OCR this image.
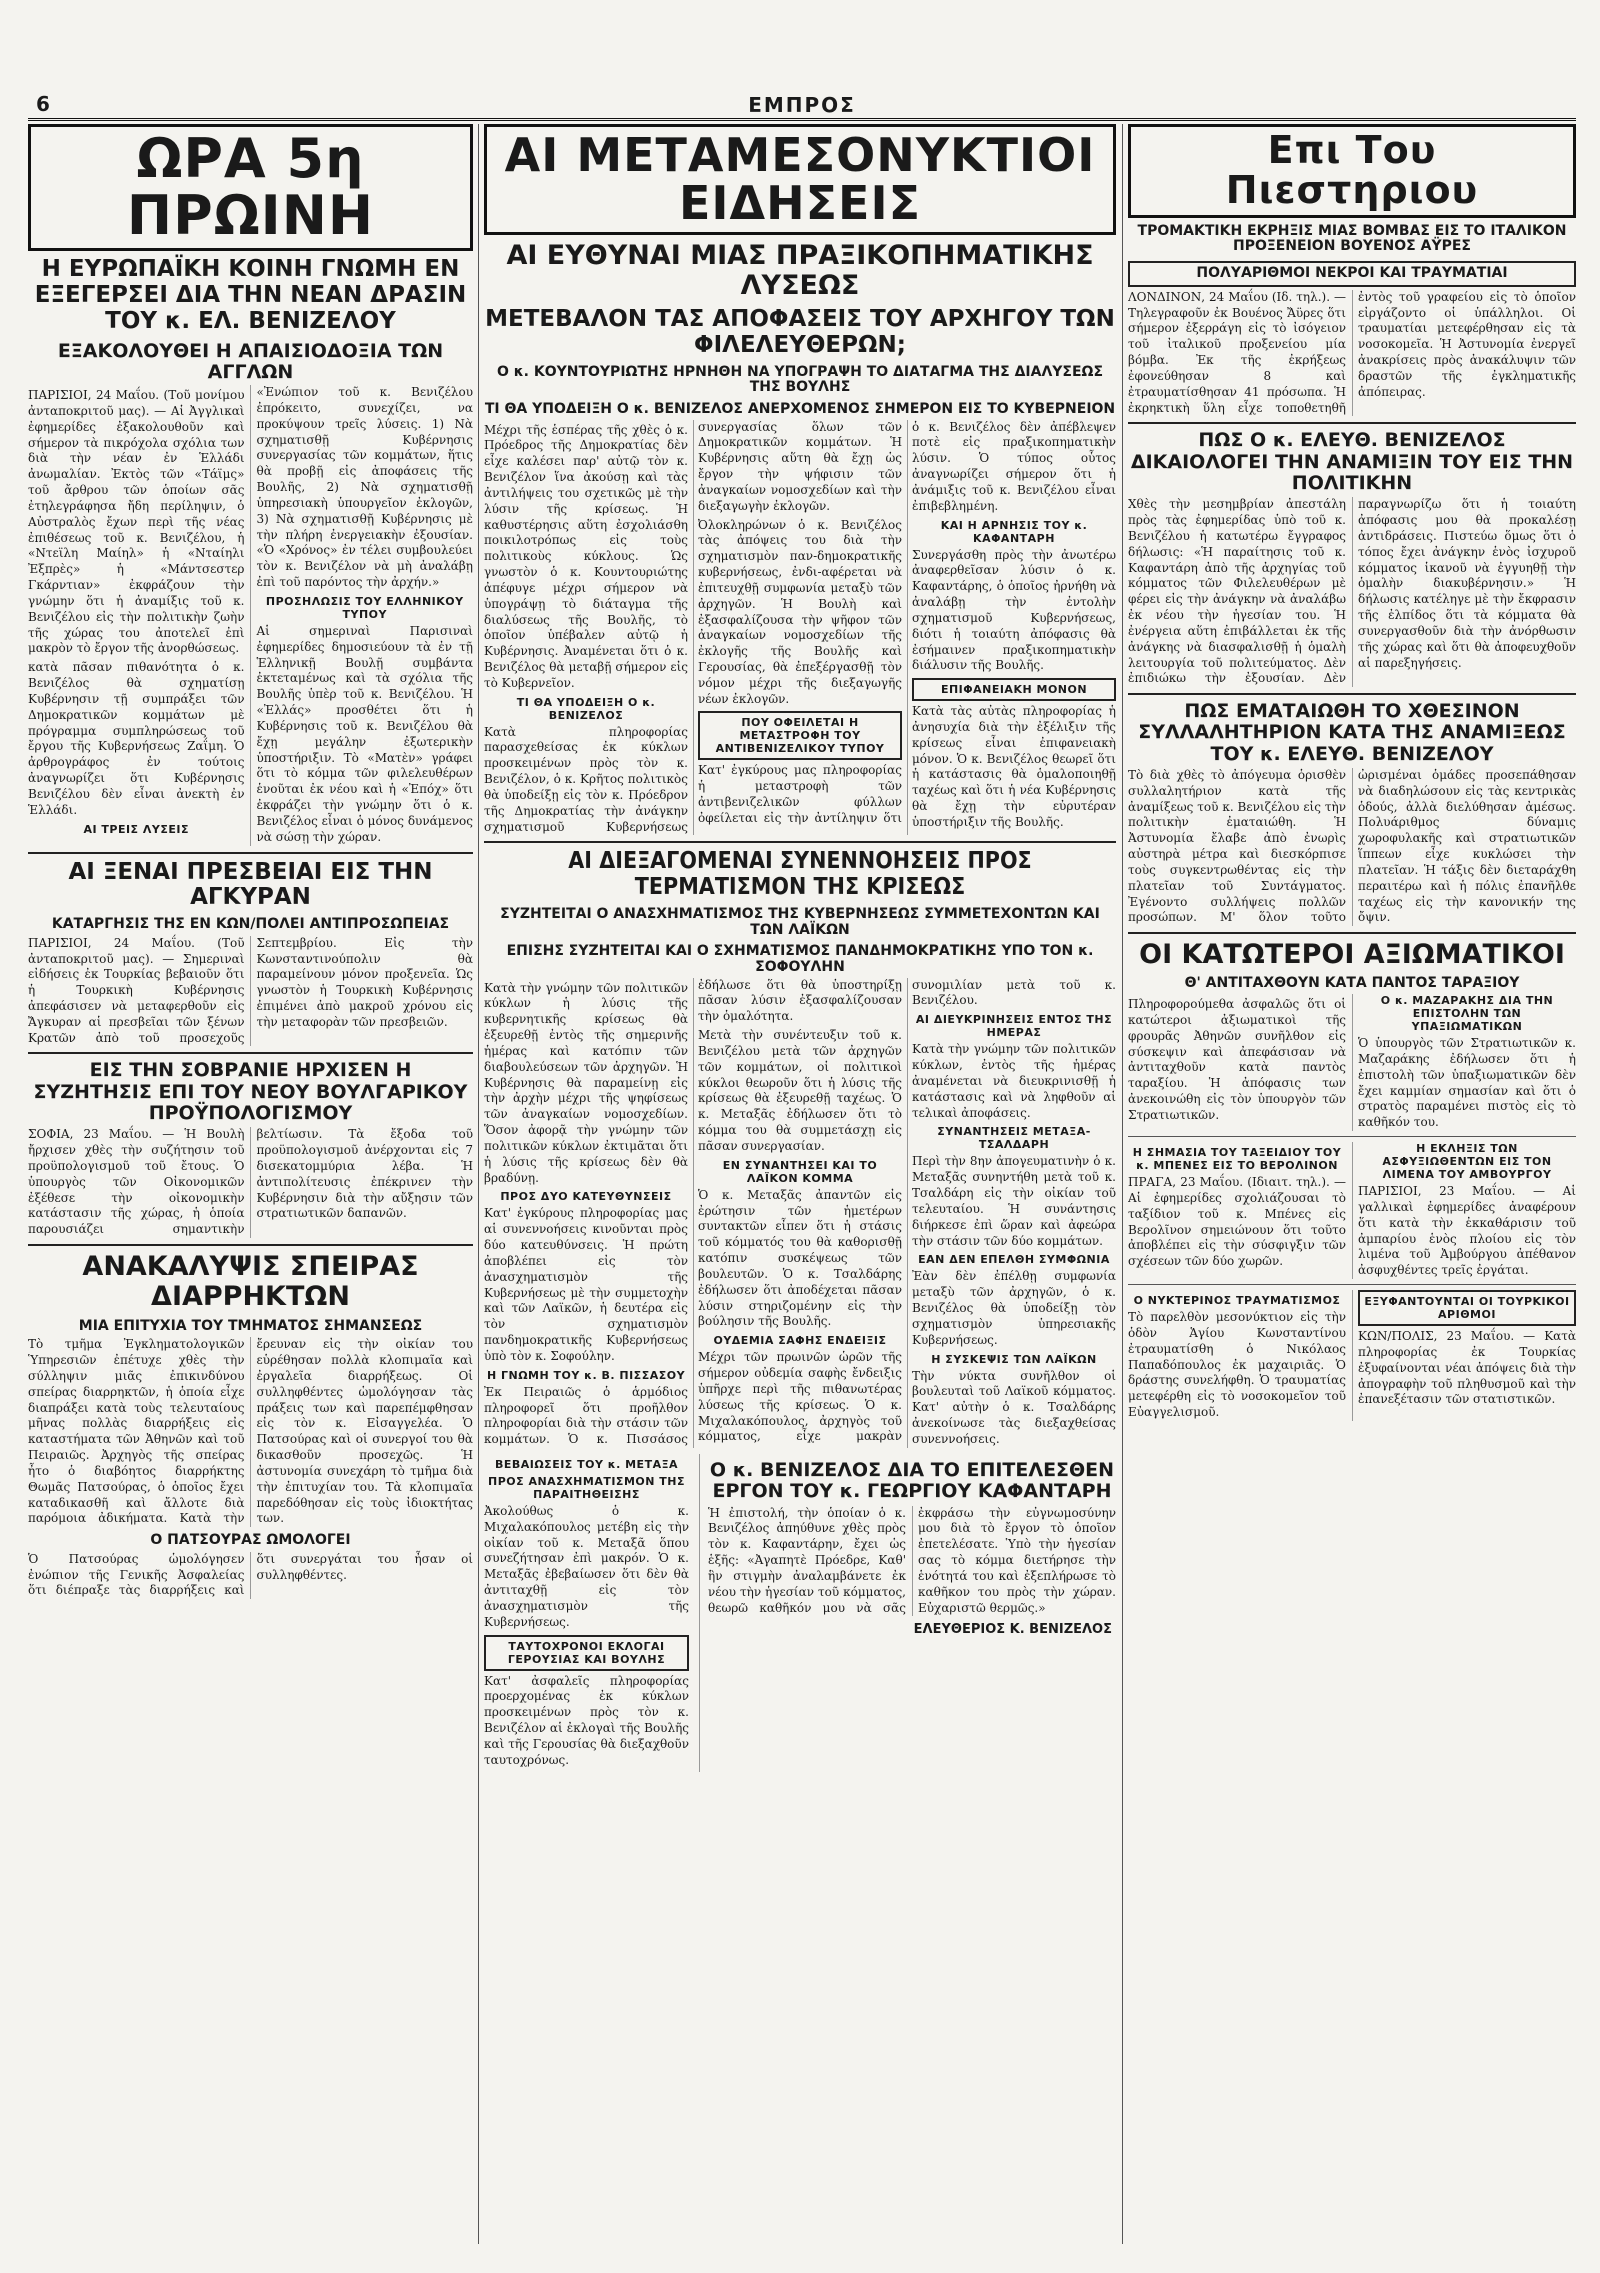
6	ΕΜΠΡΟΣ
ΩΡΑ 5η ΠΡΩΙΝΗ
Η ΕΥΡΩΠΑΪΚΗ ΚΟΙΝΗ ΓΝΩΜΗ ΕΝ ΕΞΕΓΕΡΣΕΙ ΔΙΑ ΤΗΝ ΝΕΑΝ ΔΡΑΣΙΝ ΤΟΥ κ. ΕΛ. ΒΕΝΙΖΕΛΟΥ
ΕΞΑΚΟΛΟΥΘΕΙ Η ΑΠΑΙΣΙΟΔΟΞΙΑ ΤΩΝ ΑΓΓΛΩΝ

ΠΑΡΙΣΙΟΙ, 24 Μαΐου. (Τοῦ μονίμου ἀνταποκριτοῦ μας). — Αἱ Ἀγγλικαὶ ἐφημερίδες ἐξακολουθοῦν καὶ σήμερον τὰ πικρόχολα σχόλια των διὰ τὴν νέαν ἐν Ἑλλάδι ἀνωμαλίαν. Ἐκτὸς τῶν «Τάϊμς» τοῦ ἄρθρου τῶν ὁποίων σᾶς ἐτηλεγράφησα ἤδη περίληψιν, ὁ Αὐστραλὸς ἔχων περὶ τῆς νέας ἐπιθέσεως τοῦ κ. Βενιζέλου, ἡ «Ντεϊλη Μαίηλ» ἡ «Νταίηλι Ἐξπρὲς» ἡ «Μάντσεστερ Γκάρντιαν» ἐκφράζουν τὴν γνώμην ὅτι ἡ ἀναμίξις τοῦ κ. Βενιζέλου εἰς τὴν πολιτικὴν ζωὴν τῆς χώρας του ἀποτελεῖ ἐπὶ μακρὸν τὸ ἔργον τῆς ἀνορθώσεως.

κατὰ πᾶσαν πιθανότητα ὁ κ. Βενιζέλος θὰ σχηματίσῃ Κυβέρνησιν τῇ συμπράξει τῶν Δημοκρατικῶν κομμάτων μὲ πρόγραμμα συμπληρώσεως τοῦ ἔργου τῆς Κυβερνήσεως Ζαΐμη. Ὁ ἀρθρογράφος ἐν τούτοις ἀναγνωρίζει ὅτι Κυβέρνησις Βενιζέλου δὲν εἶναι ἀνεκτὴ ἐν Ἑλλάδι.

ΑΙ ΤΡΕΙΣ ΛΥΣΕΙΣ

«Ἐνώπιον τοῦ κ. Βενιζέλου ἐπρόκειτο, συνεχίζει, να προκύψουν τρεῖς λύσεις. 1) Νὰ σχηματισθῇ Κυβέρνησις συνεργασίας τῶν κομμάτων, ἥτις θὰ προβῇ εἰς ἀποφάσεις τῆς Βουλῆς, 2) Νὰ σχηματισθῇ ὑπηρεσιακὴ ὑπουργεῖον ἐκλογῶν, 3) Νὰ σχηματισθῇ Κυβέρνησις μὲ τὴν πλήρη ἐνεργειακὴν ἐξουσίαν. «Ὁ «Χρόνος» ἐν τέλει συμβουλεύει τὸν κ. Βενιζέλον νὰ μὴ ἀναλάβῃ ἐπὶ τοῦ παρόντος τὴν ἀρχήν.»

ΠΡΟΣΗΛΩΣΙΣ ΤΟΥ ΕΛΛΗΝΙΚΟΥ ΤΥΠΟΥ

Αἱ σημεριναὶ Παρισιναὶ ἐφημερίδες δημοσιεύουν τὰ ἐν τῇ Ἑλληνικῇ Βουλῇ συμβάντα ἐκτεταμένως καὶ τὰ σχόλια τῆς Βουλῆς ὑπὲρ τοῦ κ. Βενιζέλου. Ἡ «Ἐλλάς» προσθέτει ὅτι ἡ Κυβέρνησις τοῦ κ. Βενιζέλου θὰ ἔχῃ μεγάλην ἐξωτερικὴν ὑποστήριξιν. Τὸ «Ματὲν» γράφει ὅτι τὸ κόμμα τῶν φιλελευθέρων ἑνοῦται ἐκ νέου καὶ ἡ «Ἐπόχ» ὅτι ἐκφράζει τὴν γνώμην ὅτι ὁ κ. Βενιζέλος εἶναι ὁ μόνος δυνάμενος νὰ σώσῃ τὴν χώραν.

ΑΙ ΞΕΝΑΙ ΠΡΕΣΒΕΙΑΙ ΕΙΣ ΤΗΝ ΑΓΚΥΡΑΝ
ΚΑΤΑΡΓΗΣΙΣ ΤΗΣ ΕΝ ΚΩΝ/ΠΟΛΕΙ ΑΝΤΙΠΡΟΣΩΠΕΙΑΣ

ΠΑΡΙΣΙΟΙ, 24 Μαΐου. (Τοῦ ἀνταποκριτοῦ μας). — Σημεριναὶ εἰδήσεις ἐκ Τουρκίας βεβαιοῦν ὅτι ἡ Τουρκικὴ Κυβέρνησις ἀπεφάσισεν νὰ μεταφερθοῦν εἰς Ἄγκυραν αἱ πρεσβεῖαι τῶν ξένων Κρατῶν ἀπὸ τοῦ προσεχοῦς Σεπτεμβρίου. Εἰς τὴν Κωνσταντινούπολιν θὰ παραμείνουν μόνον προξενεῖα. Ὡς γνωστὸν ἡ Τουρκικὴ Κυβέρνησις ἐπιμένει ἀπὸ μακροῦ χρόνου εἰς τὴν μεταφορὰν τῶν πρεσβειῶν.

ΕΙΣ ΤΗΝ ΣΟΒΡΑΝΙΕ ΗΡΧΙΣΕΝ Η ΣΥΖΗΤΗΣΙΣ ΕΠΙ ΤΟΥ ΝΕΟΥ ΒΟΥΛΓΑΡΙΚΟΥ ΠΡΟΫΠΟΛΟΓΙΣΜΟΥ

ΣΟΦΙΑ, 23 Μαΐου. — Ἡ Βουλὴ ἤρχισεν χθὲς τὴν συζήτησιν τοῦ προϋπολογισμοῦ τοῦ ἔτους. Ὁ ὑπουργὸς τῶν Οἰκονομικῶν ἐξέθεσε τὴν οἰκονομικὴν κατάστασιν τῆς χώρας, ἡ ὁποία παρουσιάζει σημαντικὴν βελτίωσιν. Τὰ ἔξοδα τοῦ προϋπολογισμοῦ ἀνέρχονται εἰς 7 δισεκατομμύρια λέβα. Ἡ ἀντιπολίτευσις ἐπέκρινεν τὴν Κυβέρνησιν διὰ τὴν αὔξησιν τῶν στρατιωτικῶν δαπανῶν.

ΑΝΑΚΑΛΥΨΙΣ ΣΠΕΙΡΑΣ ΔΙΑΡΡΗΚΤΩΝ
ΜΙΑ ΕΠΙΤΥΧΙΑ ΤΟΥ ΤΜΗΜΑΤΟΣ ΣΗΜΑΝΣΕΩΣ

Τὸ τμῆμα Ἐγκληματολογικῶν Ὑπηρεσιῶν ἐπέτυχε χθὲς τὴν σύλληψιν μιᾶς ἐπικινδύνου σπείρας διαρρηκτῶν, ἡ ὁποία εἶχε διαπράξει κατὰ τοὺς τελευταίους μῆνας πολλὰς διαρρήξεις εἰς καταστήματα τῶν Ἀθηνῶν καὶ τοῦ Πειραιῶς. Ἀρχηγὸς τῆς σπείρας ἦτο ὁ διαβόητος διαρρήκτης Θωμᾶς Πατσούρας, ὁ ὁποῖος ἔχει καταδικασθῆ καὶ ἄλλοτε διὰ παρόμοια ἀδικήματα. Κατὰ τὴν ἔρευναν εἰς τὴν οἰκίαν του εὑρέθησαν πολλὰ κλοπιμαῖα καὶ ἐργαλεῖα διαρρήξεως. Οἱ συλληφθέντες ὡμολόγησαν τὰς πράξεις των καὶ παρεπέμφθησαν εἰς τὸν κ. Εἰσαγγελέα. Ὁ Πατσούρας καὶ οἱ συνεργοί του θὰ δικασθοῦν προσεχῶς. Ἡ ἀστυνομία συνεχάρη τὸ τμῆμα διὰ τὴν ἐπιτυχίαν του. Τὰ κλοπιμαῖα παρεδόθησαν εἰς τοὺς ἰδιοκτήτας των.

Ο ΠΑΤΣΟΥΡΑΣ ΩΜΟΛΟΓΕΙ

Ὁ Πατσούρας ὡμολόγησεν ἐνώπιον τῆς Γενικῆς Ἀσφαλείας ὅτι διέπραξε τὰς διαρρήξεις καὶ ὅτι συνεργάται του ἦσαν οἱ συλληφθέντες.

ΑΙ ΜΕΤΑΜΕΣΟΝΥΚΤΙΟΙ ΕΙΔΗΣΕΙΣ
ΑΙ ΕΥΘΥΝΑΙ ΜΙΑΣ ΠΡΑΞΙΚΟΠΗΜΑΤΙΚΗΣ ΛΥΣΕΩΣ
ΜΕΤΕΒΑΛΟΝ ΤΑΣ ΑΠΟΦΑΣΕΙΣ ΤΟΥ ΑΡΧΗΓΟΥ ΤΩΝ ΦΙΛΕΛΕΥΘΕΡΩΝ;
Ο κ. ΚΟΥΝΤΟΥΡΙΩΤΗΣ ΗΡΝΗΘΗ ΝΑ ΥΠΟΓΡΑΨΗ ΤΟ ΔΙΑΤΑΓΜΑ ΤΗΣ ΔΙΑΛΥΣΕΩΣ ΤΗΣ ΒΟΥΛΗΣ
ΤΙ ΘΑ ΥΠΟΔΕΙΞΗ Ο κ. ΒΕΝΙΖΕΛΟΣ ΑΝΕΡΧΟΜΕΝΟΣ ΣΗΜΕΡΟΝ ΕΙΣ ΤΟ ΚΥΒΕΡΝΕΙΟΝ

Μέχρι τῆς ἑσπέρας τῆς χθὲς ὁ κ. Πρόεδρος τῆς Δημοκρατίας δὲν εἶχε καλέσει παρ' αὐτῷ τὸν κ. Βενιζέλον ἵνα ἀκούσῃ καὶ τὰς ἀντιλήψεις του σχετικῶς μὲ τὴν λύσιν τῆς κρίσεως. Ἡ καθυστέρησις αὕτη ἐσχολιάσθη ποικιλοτρόπως εἰς τοὺς πολιτικοὺς κύκλους. Ὡς γνωστὸν ὁ κ. Κουντουριώτης ἀπέφυγε μέχρι σήμερον νὰ ὑπογράψῃ τὸ διάταγμα τῆς διαλύσεως τῆς Βουλῆς, τὸ ὁποῖον ὑπέβαλεν αὐτῷ ἡ Κυβέρνησις. Ἀναμένεται ὅτι ὁ κ. Βενιζέλος θὰ μεταβῇ σήμερον εἰς τὸ Κυβερνεῖον.

ΤΙ ΘΑ ΥΠΟΔΕΙΞΗ Ο κ. ΒΕΝΙΖΕΛΟΣ

Κατὰ πληροφορίας παρασχεθείσας ἐκ κύκλων προσκειμένων πρὸς τὸν κ. Βενιζέλον, ὁ κ. Κρῆτος πολιτικὸς θὰ ὑποδείξῃ εἰς τὸν κ. Πρόεδρον τῆς Δημοκρατίας τὴν ἀνάγκην σχηματισμοῦ Κυβερνήσεως συνεργασίας ὅλων τῶν Δημοκρατικῶν κομμάτων. Ἡ Κυβέρνησις αὕτη θὰ ἔχῃ ὡς ἔργον τὴν ψήφισιν τῶν ἀναγκαίων νομοσχεδίων καὶ τὴν διεξαγωγὴν ἐκλογῶν.

Ὀλοκληρώνων ὁ κ. Βενιζέλος τὰς ἀπόψεις του διὰ τὴν σχηματισμὸν παν-δημοκρατικῆς κυβερνήσεως, ἐνδι-αφέρεται νὰ ἐπιτευχθῇ συμφωνία μεταξὺ τῶν ἀρχηγῶν. Ἡ Βουλὴ καὶ ἐξασφαλίζουσα τὴν ψῆφον τῶν ἀναγκαίων νομοσχεδίων τῆς ἐκλογῆς τῆς Βουλῆς καὶ Γερουσίας, θὰ ἐπεξέργασθῇ τὸν νόμον μέχρι τῆς διεξαγωγῆς νέων ἐκλογῶν.

ΠΟΥ ΟΦΕΙΛΕΤΑΙ Η ΜΕΤΑΣΤΡΟΦΗ ΤΟΥ ΑΝΤΙΒΕΝΙΖΕΛΙΚΟΥ ΤΥΠΟΥ

Κατ' ἐγκύρους μας πληροφορίας ἡ μεταστροφὴ τῶν ἀντιβενιζελικῶν φύλλων ὀφείλεται εἰς τὴν ἀντίληψιν ὅτι ὁ κ. Βενιζέλος δὲν ἀπέβλεψεν ποτὲ εἰς πραξικοπηματικὴν λύσιν. Ὁ τύπος οὗτος ἀναγνωρίζει σήμερον ὅτι ἡ ἀνάμιξις τοῦ κ. Βενιζέλου εἶναι ἐπιβεβλημένη.

ΚΑΙ Η ΑΡΝΗΣΙΣ ΤΟΥ κ. ΚΑΦΑΝΤΑΡΗ

Συνεργάσθη πρὸς τὴν ἀνωτέρω ἀναφερθεῖσαν λύσιν ὁ κ. Καφαντάρης, ὁ ὁποῖος ἠρνήθη νὰ ἀναλάβῃ τὴν ἐντολὴν σχηματισμοῦ Κυβερνήσεως, διότι ἡ τοιαύτη ἀπόφασις θὰ ἐσήμαινεν πραξικοπηματικὴν διάλυσιν τῆς Βουλῆς.

ΕΠΙΦΑΝΕΙΑΚΗ ΜΟΝΟΝ

Κατὰ τὰς αὐτὰς πληροφορίας ἡ ἀνησυχία διὰ τὴν ἐξέλιξιν τῆς κρίσεως εἶναι ἐπιφανειακὴ μόνον. Ὁ κ. Βενιζέλος θεωρεῖ ὅτι ἡ κατάστασις θὰ ὁμαλοποιηθῇ ταχέως καὶ ὅτι ἡ νέα Κυβέρνησις θὰ ἔχῃ τὴν εὐρυτέραν ὑποστήριξιν τῆς Βουλῆς.

ΑΙ ΔΙΕΞΑΓΟΜΕΝΑΙ ΣΥΝΕΝΝΟΗΣΕΙΣ ΠΡΟΣ ΤΕΡΜΑΤΙΣΜΟΝ ΤΗΣ ΚΡΙΣΕΩΣ
ΣΥΖΗΤΕΙΤΑΙ Ο ΑΝΑΣΧΗΜΑΤΙΣΜΟΣ ΤΗΣ ΚΥΒΕΡΝΗΣΕΩΣ ΣΥΜΜΕΤΕΧΟΝΤΩΝ ΚΑΙ ΤΩΝ ΛΑΪΚΩΝ
ΕΠΙΣΗΣ ΣΥΖΗΤΕΙΤΑΙ ΚΑΙ Ο ΣΧΗΜΑΤΙΣΜΟΣ ΠΑΝΔΗΜΟΚΡΑΤΙΚΗΣ ΥΠΟ ΤΟΝ κ. ΣΟΦΟΥΛΗΝ

Κατὰ τὴν γνώμην τῶν πολιτικῶν κύκλων ἡ λύσις τῆς κυβερνητικῆς κρίσεως θὰ ἐξευρεθῇ ἐντὸς τῆς σημερινῆς ἡμέρας καὶ κατόπιν τῶν διαβουλεύσεων τῶν ἀρχηγῶν. Ἡ Κυβέρνησις θὰ παραμείνῃ εἰς τὴν ἀρχὴν μέχρι τῆς ψηφίσεως τῶν ἀναγκαίων νομοσχεδίων. Ὅσον ἀφορᾷ τὴν γνώμην τῶν πολιτικῶν κύκλων ἐκτιμᾶται ὅτι ἡ λύσις τῆς κρίσεως δὲν θὰ βραδύνῃ.

ΠΡΟΣ ΔΥΟ ΚΑΤΕΥΘΥΝΣΕΙΣ

Κατ' ἐγκύρους πληροφορίας μας αἱ συνεννοήσεις κινοῦνται πρὸς δύο κατευθύνσεις. Ἡ πρώτη ἀποβλέπει εἰς τὸν ἀνασχηματισμὸν τῆς Κυβερνήσεως μὲ τὴν συμμετοχὴν καὶ τῶν Λαϊκῶν, ἡ δευτέρα εἰς τὸν σχηματισμὸν πανδημοκρατικῆς Κυβερνήσεως ὑπὸ τὸν κ. Σοφούλην.

Η ΓΝΩΜΗ ΤΟΥ κ. Β. ΠΙΣΣΑΣΟΥ

Ἐκ Πειραιῶς ὁ ἁρμόδιος πληροφορεῖ ὅτι προῆλθον πληροφορίαι διὰ τὴν στάσιν τῶν κομμάτων. Ὁ κ. Πισσάσος ἐδήλωσε ὅτι θὰ ὑποστηρίξῃ πᾶσαν λύσιν ἐξασφαλίζουσαν τὴν ὁμαλότητα.

Μετὰ τὴν συνέντευξιν τοῦ κ. Βενιζέλου μετὰ τῶν ἀρχηγῶν τῶν κομμάτων, οἱ πολιτικοὶ κύκλοι θεωροῦν ὅτι ἡ λύσις τῆς κρίσεως θὰ ἐξευρεθῇ ταχέως. Ὁ κ. Μεταξᾶς ἐδήλωσεν ὅτι τὸ κόμμα του θὰ συμμετάσχῃ εἰς πᾶσαν συνεργασίαν.

ΕΝ ΣΥΝΑΝΤΗΣΕΙ ΚΑΙ ΤΟ ΛΑΪΚΟΝ ΚΟΜΜΑ

Ὁ κ. Μεταξᾶς ἀπαντῶν εἰς ἐρώτησιν τῶν ἡμετέρων συντακτῶν εἶπεν ὅτι ἡ στάσις τοῦ κόμματός του θὰ καθορισθῇ κατόπιν συσκέψεως τῶν βουλευτῶν. Ὁ κ. Τσαλδάρης ἐδήλωσεν ὅτι ἀποδέχεται πᾶσαν λύσιν στηριζομένην εἰς τὴν βούλησιν τῆς Βουλῆς.

ΟΥΔΕΜΙΑ ΣΑΦΗΣ ΕΝΔΕΙΞΙΣ

Μέχρι τῶν πρωινῶν ὡρῶν τῆς σήμερον οὐδεμία σαφὴς ἔνδειξις ὑπῆρχε περὶ τῆς πιθανωτέρας λύσεως τῆς κρίσεως. Ὁ κ. Μιχαλακόπουλος, ἀρχηγὸς τοῦ κόμματος, εἶχε μακρὰν συνομιλίαν μετὰ τοῦ κ. Βενιζέλου.

ΑΙ ΔΙΕΥΚΡΙΝΗΣΕΙΣ ΕΝΤΟΣ ΤΗΣ ΗΜΕΡΑΣ

Κατὰ τὴν γνώμην τῶν πολιτικῶν κύκλων, ἐντὸς τῆς ἡμέρας ἀναμένεται νὰ διευκρινισθῇ ἡ κατάστασις καὶ νὰ ληφθοῦν αἱ τελικαὶ ἀποφάσεις.

ΣΥΝΑΝΤΗΣΕΙΣ ΜΕΤΑΞΑ-ΤΣΑΛΔΑΡΗ

Περὶ τὴν 8ην ἀπογευματινὴν ὁ κ. Μεταξᾶς συνηντήθη μετὰ τοῦ κ. Τσαλδάρη εἰς τὴν οἰκίαν τοῦ τελευταίου. Ἡ συνάντησις διήρκεσε ἐπὶ ὥραν καὶ ἀφεώρα τὴν στάσιν τῶν δύο κομμάτων.

ΕΑΝ ΔΕΝ ΕΠΕΛΘΗ ΣΥΜΦΩΝΙΑ

Ἐὰν δὲν ἐπέλθῃ συμφωνία μεταξὺ τῶν ἀρχηγῶν, ὁ κ. Βενιζέλος θὰ ὑποδείξῃ τὸν σχηματισμὸν ὑπηρεσιακῆς Κυβερνήσεως.

Η ΣΥΣΚΕΨΙΣ ΤΩΝ ΛΑΪΚΩΝ

Τὴν νύκτα συνῆλθον οἱ βουλευταὶ τοῦ Λαϊκοῦ κόμματος. Κατ' αὐτὴν ὁ κ. Τσαλδάρης ἀνεκοίνωσε τὰς διεξαχθείσας συνεννοήσεις.

ΒΕΒΑΙΩΣΕΙΣ ΤΟΥ κ. ΜΕΤΑΞΑ
ΠΡΟΣ ΑΝΑΣΧΗΜΑΤΙΣΜΟΝ ΤΗΣ ΠΑΡΑΙΤΗΘΕΙΣΗΣ

Ἀκολούθως ὁ κ. Μιχαλακόπουλος μετέβη εἰς τὴν οἰκίαν τοῦ κ. Μεταξᾶ ὅπου συνεζήτησαν ἐπὶ μακρόν. Ὁ κ. Μεταξᾶς ἐβεβαίωσεν ὅτι δὲν θὰ ἀντιταχθῇ εἰς τὸν ἀνασχηματισμὸν τῆς Κυβερνήσεως.

ΤΑΥΤΟΧΡΟΝΟΙ ΕΚΛΟΓΑΙ ΓΕΡΟΥΣΙΑΣ ΚΑΙ ΒΟΥΛΗΣ

Κατ' ἀσφαλεῖς πληροφορίας προερχομένας ἐκ κύκλων προσκειμένων πρὸς τὸν κ. Βενιζέλον αἱ ἐκλογαὶ τῆς Βουλῆς καὶ τῆς Γερουσίας θὰ διεξαχθοῦν ταυτοχρόνως.

Ο κ. ΒΕΝΙΖΕΛΟΣ ΔΙΑ ΤΟ ΕΠΙΤΕΛΕΣΘΕΝ ΕΡΓΟΝ ΤΟΥ κ. ΓΕΩΡΓΙΟΥ ΚΑΦΑΝΤΑΡΗ

Ἡ ἐπιστολή, τὴν ὁποίαν ὁ κ. Βενιζέλος ἀπηύθυνε χθὲς πρὸς τὸν κ. Καφαντάρην, ἔχει ὡς ἑξῆς: «Ἀγαπητὲ Πρόεδρε, Καθ' ἣν στιγμὴν ἀναλαμβάνετε ἐκ νέου τὴν ἡγεσίαν τοῦ κόμματος, θεωρῶ καθῆκόν μου νὰ σᾶς ἐκφράσω τὴν εὐγνωμοσύνην μου διὰ τὸ ἔργον τὸ ὁποῖον ἐπετελέσατε. Ὑπὸ τὴν ἡγεσίαν σας τὸ κόμμα διετήρησε τὴν ἑνότητά του καὶ ἐξεπλήρωσε τὸ καθῆκον του πρὸς τὴν χώραν. Εὐχαριστῶ θερμῶς.»

ΕΛΕΥΘΕΡΙΟΣ Κ. ΒΕΝΙΖΕΛΟΣ
Επι Του Πιεστηριου
ΤΡΟΜΑΚΤΙΚΗ ΕΚΡΗΞΙΣ ΜΙΑΣ ΒΟΜΒΑΣ ΕΙΣ ΤΟ ΙΤΑΛΙΚΟΝ ΠΡΟΞΕΝΕΙΟΝ ΒΟΥΕΝΟΣ ΑΫΡΕΣ
ΠΟΛΥΑΡΙΘΜΟΙ ΝΕΚΡΟΙ ΚΑΙ ΤΡΑΥΜΑΤΙΑΙ

ΛΟΝΔΙΝΟΝ, 24 Μαΐου (Ιδ. τηλ.). — Τηλεγραφοῦν ἐκ Βουένος Ἄϋρες ὅτι σήμερον ἐξερράγη εἰς τὸ ἰσόγειον τοῦ ἰταλικοῦ προξενείου μία βόμβα. Ἐκ τῆς ἐκρήξεως ἐφονεύθησαν 8 καὶ ἐτραυματίσθησαν 41 πρόσωπα. Ἡ ἐκρηκτικὴ ὕλη εἶχε τοποθετηθῆ ἐντὸς τοῦ γραφείου εἰς τὸ ὁποῖον εἰργάζοντο οἱ ὑπάλληλοι. Οἱ τραυματίαι μετεφέρθησαν εἰς τὰ νοσοκομεῖα. Ἡ Ἀστυνομία ἐνεργεῖ ἀνακρίσεις πρὸς ἀνακάλυψιν τῶν δραστῶν τῆς ἐγκληματικῆς ἀπόπειρας.

ΠΩΣ Ο κ. ΕΛΕΥΘ. ΒΕΝΙΖΕΛΟΣ ΔΙΚΑΙΟΛΟΓΕΙ ΤΗΝ ΑΝΑΜΙΞΙΝ ΤΟΥ ΕΙΣ ΤΗΝ ΠΟΛΙΤΙΚΗΝ

Χθὲς τὴν μεσημβρίαν ἀπεστάλη πρὸς τὰς ἐφημερίδας ὑπὸ τοῦ κ. Βενιζέλου ἡ κατωτέρω ἔγγραφος δήλωσις: «Ἡ παραίτησις τοῦ κ. Καφαντάρη ἀπὸ τῆς ἀρχηγίας τοῦ κόμματος τῶν Φιλελευθέρων μὲ φέρει εἰς τὴν ἀνάγκην νὰ ἀναλάβω ἐκ νέου τὴν ἡγεσίαν του. Ἡ ἐνέργεια αὕτη ἐπιβάλλεται ἐκ τῆς ἀνάγκης νὰ διασφαλισθῇ ἡ ὁμαλὴ λειτουργία τοῦ πολιτεύματος. Δὲν ἐπιδιώκω τὴν ἐξουσίαν. Δὲν παραγνωρίζω ὅτι ἡ τοιαύτη ἀπόφασις μου θὰ προκαλέσῃ ἀντιδράσεις. Πιστεύω ὅμως ὅτι ὁ τόπος ἔχει ἀνάγκην ἑνὸς ἰσχυροῦ κόμματος ἱκανοῦ νὰ ἐγγυηθῇ τὴν ὁμαλὴν διακυβέρνησιν.» Ἡ δήλωσις κατέληγε μὲ τὴν ἔκφρασιν τῆς ἐλπίδος ὅτι τὰ κόμματα θὰ συνεργασθοῦν διὰ τὴν ἀνόρθωσιν τῆς χώρας καὶ ὅτι θὰ ἀποφευχθοῦν αἱ παρεξηγήσεις.

ΠΩΣ ΕΜΑΤΑΙΩΘΗ ΤΟ ΧΘΕΣΙΝΟΝ ΣΥΛΛΑΛΗΤΗΡΙΟΝ ΚΑΤΑ ΤΗΣ ΑΝΑΜΙΞΕΩΣ ΤΟΥ κ. ΕΛΕΥΘ. ΒΕΝΙΖΕΛΟΥ

Τὸ διὰ χθὲς τὸ ἀπόγευμα ὁρισθὲν συλλαλητήριον κατὰ τῆς ἀναμίξεως τοῦ κ. Βενιζέλου εἰς τὴν πολιτικὴν ἐματαιώθη. Ἡ Ἀστυνομία ἔλαβε ἀπὸ ἐνωρὶς αὐστηρὰ μέτρα καὶ διεσκόρπισε τοὺς συγκεντρωθέντας εἰς τὴν πλατεῖαν τοῦ Συντάγματος. Ἐγένοντο συλλήψεις πολλῶν προσώπων. Μ' ὅλον τοῦτο ὠρισμέναι ὁμάδες προσεπάθησαν νὰ διαδηλώσουν εἰς τὰς κεντρικὰς ὁδούς, ἀλλὰ διελύθησαν ἀμέσως. Πολυάριθμος δύναμις χωροφυλακῆς καὶ στρατιωτικῶν ἵππεων εἶχε κυκλώσει τὴν πλατεῖαν. Ἡ τάξις δὲν διεταράχθη περαιτέρω καὶ ἡ πόλις ἐπανῆλθε ταχέως εἰς τὴν κανονικήν της ὄψιν.

ΟΙ ΚΑΤΩΤΕΡΟΙ ΑΞΙΩΜΑΤΙΚΟΙ
Θ' ΑΝΤΙΤΑΧΘΟΥΝ ΚΑΤΑ ΠΑΝΤΟΣ ΤΑΡΑΞΙΟΥ

Πληροφορούμεθα ἀσφαλῶς ὅτι οἱ κατώτεροι ἀξιωματικοὶ τῆς φρουρᾶς Ἀθηνῶν συνῆλθον εἰς σύσκεψιν καὶ ἀπεφάσισαν νὰ ἀντιταχθοῦν κατὰ παντὸς ταραξίου. Ἡ ἀπόφασις των ἀνεκοινώθη εἰς τὸν ὑπουργὸν τῶν Στρατιωτικῶν.

Ο κ. ΜΑΖΑΡΑΚΗΣ ΔΙΑ ΤΗΝ ΕΠΙΣΤΟΛΗΝ ΤΩΝ ΥΠΑΞΙΩΜΑΤΙΚΩΝ

Ὁ ὑπουργὸς τῶν Στρατιωτικῶν κ. Μαζαράκης ἐδήλωσεν ὅτι ἡ ἐπιστολὴ τῶν ὑπαξιωματικῶν δὲν ἔχει καμμίαν σημασίαν καὶ ὅτι ὁ στρατὸς παραμένει πιστὸς εἰς τὸ καθῆκόν του.

Η ΣΗΜΑΣΙΑ ΤΟΥ ΤΑΞΕΙΔΙΟΥ ΤΟΥ κ. ΜΠΕΝΕΣ ΕΙΣ ΤΟ ΒΕΡΟΛΙΝΟΝ

ΠΡΑΓΑ, 23 Μαΐου. (Ιδιαιτ. τηλ.). — Αἱ ἐφημερίδες σχολιάζουσαι τὸ ταξίδιον τοῦ κ. Μπένες εἰς Βερολῖνον σημειώνουν ὅτι τοῦτο ἀποβλέπει εἰς τὴν σύσφιγξιν τῶν σχέσεων τῶν δύο χωρῶν.

Η ΕΚΛΗΞΙΣ ΤΩΝ ΑΣΦΥΞΙΩΘΕΝΤΩΝ ΕΙΣ ΤΟΝ ΛΙΜΕΝΑ ΤΟΥ ΑΜΒΟΥΡΓΟΥ

ΠΑΡΙΣΙΟΙ, 23 Μαΐου. — Αἱ γαλλικαὶ ἐφημερίδες ἀναφέρουν ὅτι κατὰ τὴν ἐκκαθάρισιν τοῦ ἀμπαρίου ἑνὸς πλοίου εἰς τὸν λιμένα τοῦ Ἀμβούργου ἀπέθανον ἀσφυχθέντες τρεῖς ἐργάται.

Ο ΝΥΚΤΕΡΙΝΟΣ ΤΡΑΥΜΑΤΙΣΜΟΣ

Τὸ παρελθὸν μεσονύκτιον εἰς τὴν ὁδὸν Ἁγίου Κωνσταντίνου ἐτραυματίσθη ὁ Νικόλαος Παπαδόπουλος ἐκ μαχαιριᾶς. Ὁ δράστης συνελήφθη. Ὁ τραυματίας μετεφέρθη εἰς τὸ νοσοκομεῖον τοῦ Εὐαγγελισμοῦ.

ΕΞΥΦΑΝΤΟΥΝΤΑΙ ΟΙ ΤΟΥΡΚΙΚΟΙ ΑΡΙΘΜΟΙ

ΚΩΝ/ΠΟΛΙΣ, 23 Μαΐου. — Κατὰ πληροφορίας ἐκ Τουρκίας ἐξυφαίνονται νέαι ἀπόψεις διὰ τὴν ἀπογραφὴν τοῦ πληθυσμοῦ καὶ τὴν ἐπανεξέτασιν τῶν στατιστικῶν.
